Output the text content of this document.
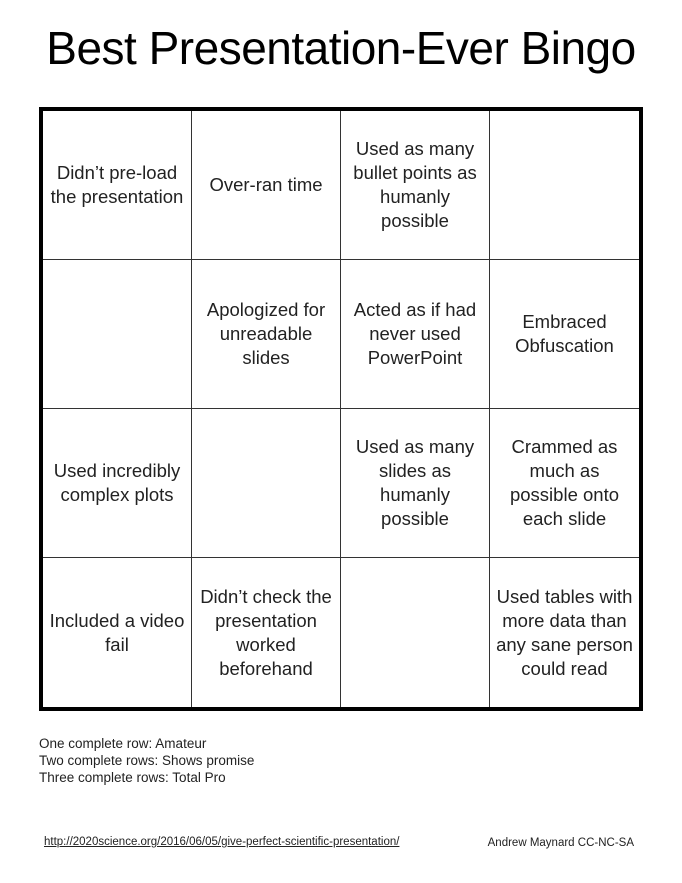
Best Presentation-Ever Bingo
Didn’t pre-load the presentation
Over-ran time
Used as many bullet points as humanly possible
Apologized for unreadable slides
Acted as if had never used PowerPoint
Embraced Obfuscation
Used incredibly complex plots
Used as many slides as humanly possible
Crammed as much as possible onto each slide
Included a video fail
Didn’t check the presentation worked beforehand
Used tables with more data than any sane person could read
One complete row: Amateur
Two complete rows: Shows promise
Three complete rows: Total Pro
http://2020science.org/2016/06/05/give-perfect-scientific-presentation/	Andrew Maynard CC-NC-SA
